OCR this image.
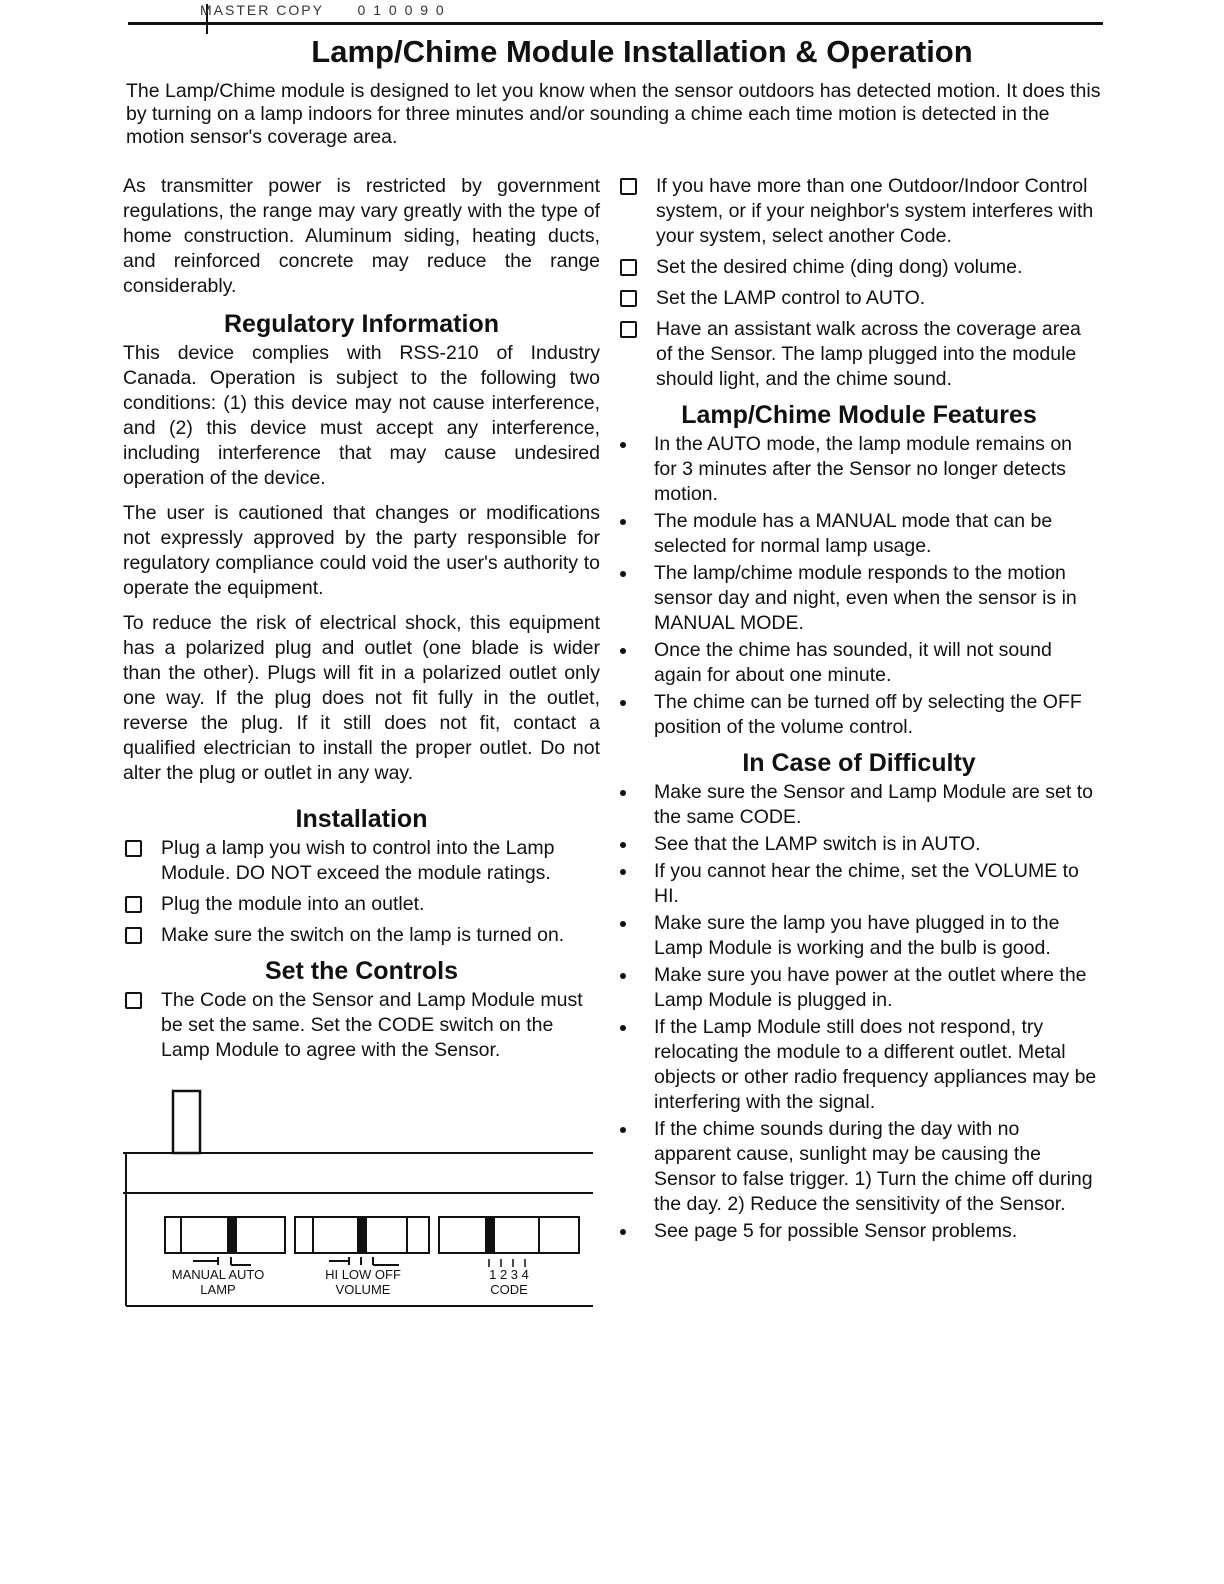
MASTER COPY 0 1 0 0 9 0
Lamp/Chime Module Installation & Operation

The Lamp/Chime module is designed to let you know when the sensor outdoors has detected motion. It does this by turning on a lamp indoors for three minutes and/or sounding a chime each time motion is detected in the motion sensor's coverage area.

As transmitter power is restricted by government regulations, the range may vary greatly with the type of home construction. Aluminum siding, heating ducts, and reinforced concrete may reduce the range considerably.

Regulatory Information

This device complies with RSS-210 of Industry Canada. Operation is subject to the following two conditions: (1) this device may not cause interference, and (2) this device must accept any interference, including interference that may cause undesired operation of the device.

The user is cautioned that changes or modifications not expressly approved by the party responsible for regulatory compliance could void the user's authority to operate the equipment.

To reduce the risk of electrical shock, this equipment has a polarized plug and outlet (one blade is wider than the other). Plugs will fit in a polarized outlet only one way. If the plug does not fit fully in the outlet, reverse the plug. If it still does not fit, contact a qualified electrician to install the proper outlet. Do not alter the plug or outlet in any way.

Installation
Plug a lamp you wish to control into the Lamp Module. DO NOT exceed the module ratings.
Plug the module into an outlet.
Make sure the switch on the lamp is turned on.
Set the Controls
The Code on the Sensor and Lamp Module must be set the same. Set the CODE switch on the Lamp Module to agree with the Sensor.
MANUAL AUTO
LAMP
HI LOW OFF
VOLUME
1 2 3 4
CODE
If you have more than one Outdoor/Indoor Control system, or if your neighbor's system interferes with your system, select another Code.
Set the desired chime (ding dong) volume.
Set the LAMP control to AUTO.
Have an assistant walk across the coverage area of the Sensor. The lamp plugged into the module should light, and the chime sound.
Lamp/Chime Module Features
In the AUTO mode, the lamp module remains on for 3 minutes after the Sensor no longer detects motion.
The module has a MANUAL mode that can be selected for normal lamp usage.
The lamp/chime module responds to the motion sensor day and night, even when the sensor is in MANUAL MODE.
Once the chime has sounded, it will not sound again for about one minute.
The chime can be turned off by selecting the OFF position of the volume control.
In Case of Difficulty
Make sure the Sensor and Lamp Module are set to the same CODE.
See that the LAMP switch is in AUTO.
If you cannot hear the chime, set the VOLUME to HI.
Make sure the lamp you have plugged in to the Lamp Module is working and the bulb is good.
Make sure you have power at the outlet where the Lamp Module is plugged in.
If the Lamp Module still does not respond, try relocating the module to a different outlet. Metal objects or other radio frequency appliances may be interfering with the signal.
If the chime sounds during the day with no apparent cause, sunlight may be causing the Sensor to false trigger. 1) Turn the chime off during the day. 2) Reduce the sensitivity of the Sensor.
See page 5 for possible Sensor problems.
